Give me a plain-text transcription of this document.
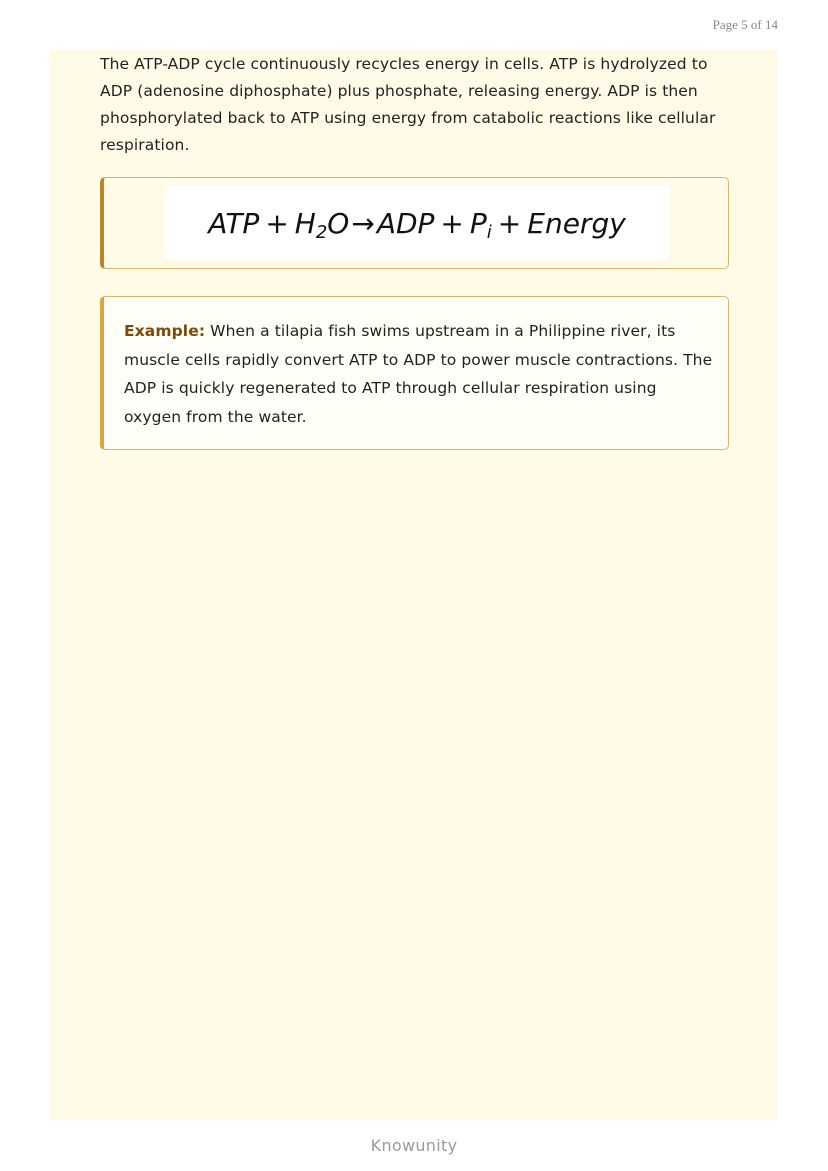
Page 5 of 14

The ATP-ADP cycle continuously recycles energy in cells. ATP is hydrolyzed to ADP (adenosine diphosphate) plus phosphate, releasing energy. ADP is then phosphorylated back to ATP using energy from catabolic reactions like cellular respiration.

ATP + $H_2O\to ADP + P_i$ + Energy

Example: When a tilapia fish swims upstream in a Philippine river, its muscle cells rapidly convert ATP to ADP to power muscle contractions. The ADP is quickly regenerated to ATP through cellular respiration using oxygen from the water.

Knowunity
